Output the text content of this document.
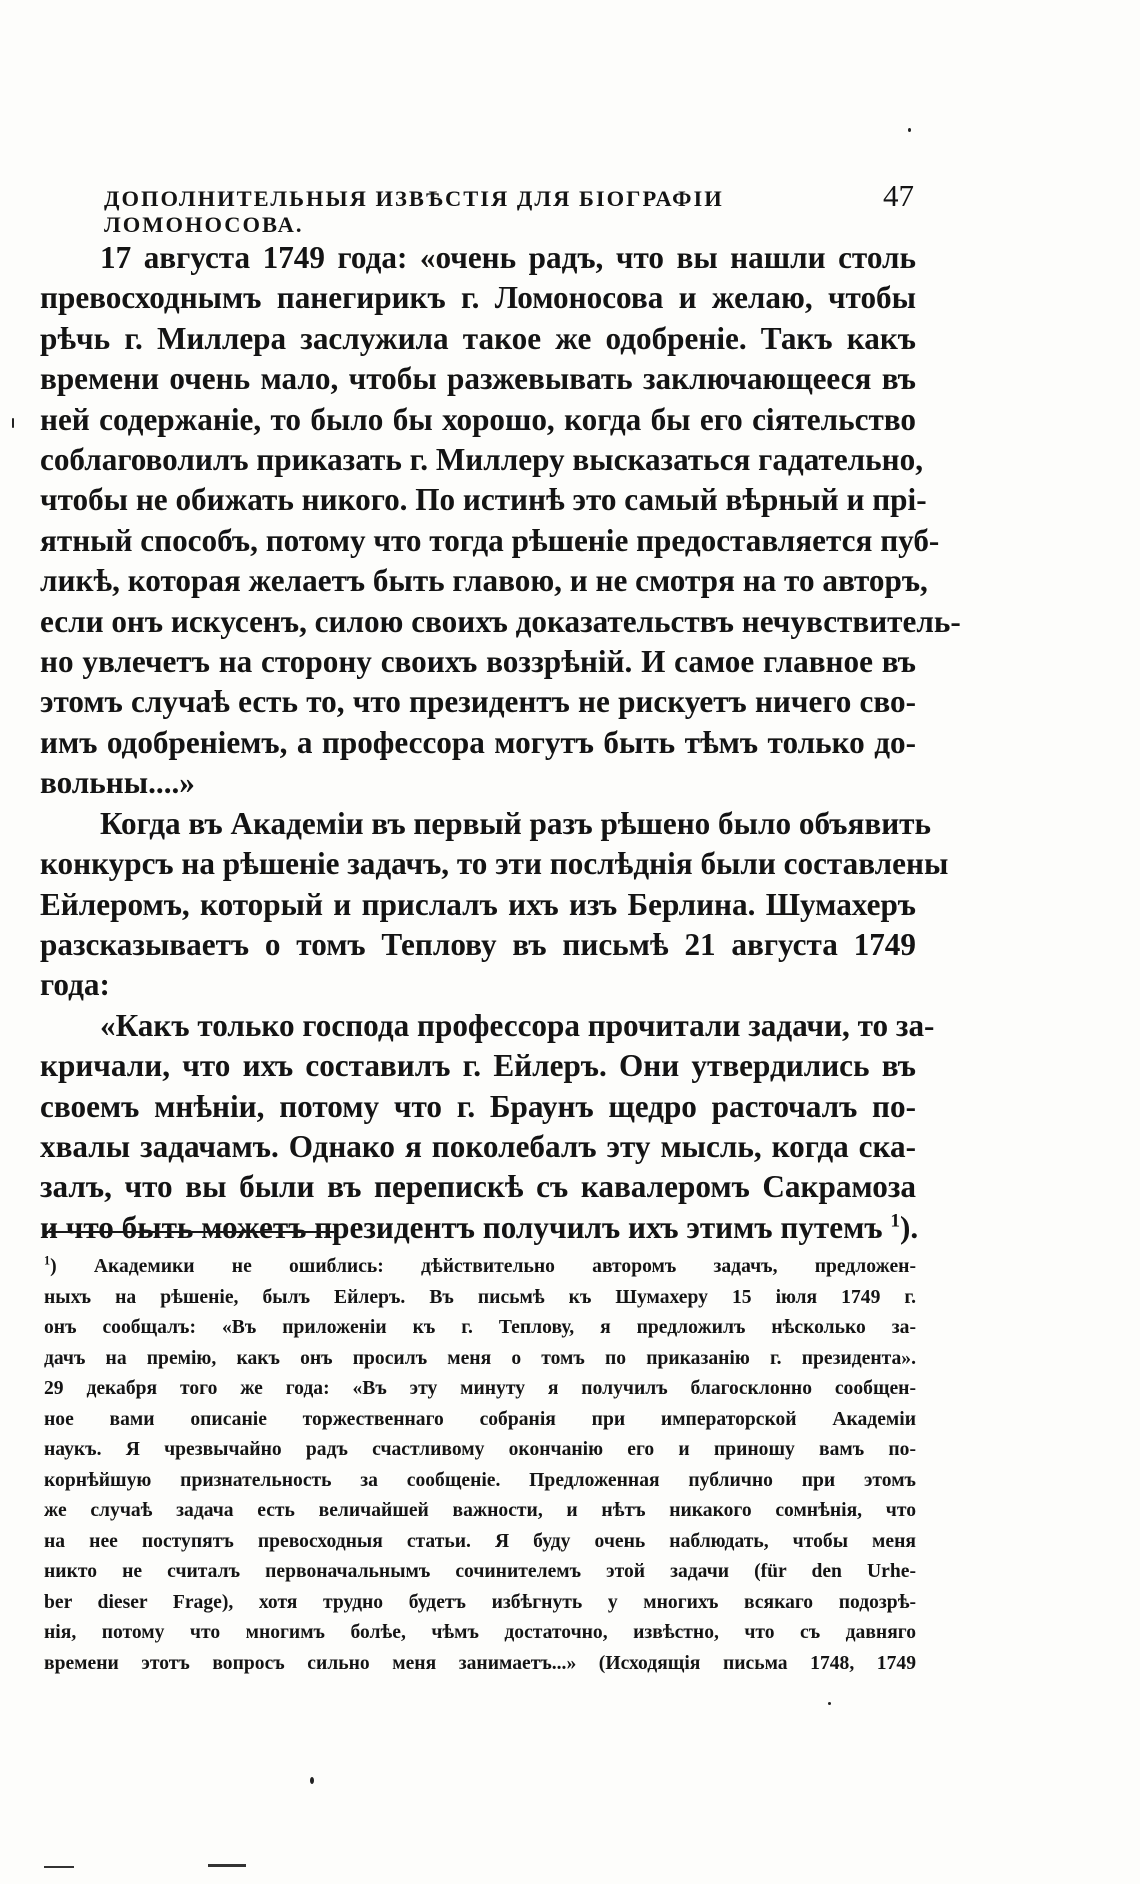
ДОПОЛНИТЕЛЬНЫЯ ИЗВѢСТІЯ ДЛЯ БІОГРАФІИ ЛОМОНОСОВА.
47
17 августа 1749 года: «очень радъ, что вы нашли столь
превосходнымъ панегирикъ г. Ломоносова и желаю, чтобы
рѣчь г. Миллера заслужила такое же одобреніе. Такъ какъ
времени очень мало, чтобы разжевывать заключающееся въ
ней содержаніе, то было бы хорошо, когда бы его сіятельство
соблаговолилъ приказать г. Миллеру высказаться гадательно,
чтобы не обижать никого. По истинѣ это самый вѣрный и прі-
ятный способъ, потому что тогда рѣшеніе предоставляется пуб-
ликѣ, которая желаетъ быть главою, и не смотря на то авторъ,
если онъ искусенъ, силою своихъ доказательствъ нечувствитель-
но увлечетъ на сторону своихъ воззрѣній. И самое главное въ
этомъ случаѣ есть то, что президентъ не рискуетъ ничего сво-
имъ одобреніемъ, а профессора могутъ быть тѣмъ только до-
вольны....»
Когда въ Академіи въ первый разъ рѣшено было объявить
конкурсъ на рѣшеніе задачъ, то эти послѣднія были составлены
Ейлеромъ, который и прислалъ ихъ изъ Берлина. Шумахеръ
разсказываетъ о томъ Теплову въ письмѣ 21 августа 1749
года:
«Какъ только господа профессора прочитали задачи, то за-
кричали, что ихъ составилъ г. Ейлеръ. Они утвердились въ
своемъ мнѣніи, потому что г. Браунъ щедро расточалъ по-
хвалы задачамъ. Однако я поколебалъ эту мысль, когда ска-
залъ, что вы были въ перепискѣ съ кавалеромъ Сакрамоза
и что быть можетъ президентъ получилъ ихъ этимъ путемъ $^1$).
$^1$) Академики не ошиблись: дѣйствительно авторомъ задачъ, предложен-
ныхъ на рѣшеніе, былъ Ейлеръ. Въ письмѣ къ Шумахеру 15 іюля 1749 г.
онъ сообщалъ: «Въ приложеніи къ г. Теплову, я предложилъ нѣсколько за-
дачъ на премію, какъ онъ просилъ меня о томъ по приказанію г. президента».
29 декабря того же года: «Въ эту минуту я получилъ благосклонно сообщен-
ное вами описаніе торжественнаго собранія при императорской Академіи
наукъ. Я чрезвычайно радъ счастливому окончанію его и приношу вамъ по-
корнѣйшую признательность за сообщеніе. Предложенная публично при этомъ
же случаѣ задача есть величайшей важности, и нѣтъ никакого сомнѣнія, что
на нее поступятъ превосходныя статьи. Я буду очень наблюдать, чтобы меня
никто не считалъ первоначальнымъ сочинителемъ этой задачи (für den Urhe-
ber dieser Frage), хотя трудно будетъ избѣгнуть у многихъ всякаго подозрѣ-
нія, потому что многимъ болѣе, чѣмъ достаточно, извѣстно, что съ давняго
времени этотъ вопросъ сильно меня занимаетъ...» (Исходящія письма 1748, 1749
